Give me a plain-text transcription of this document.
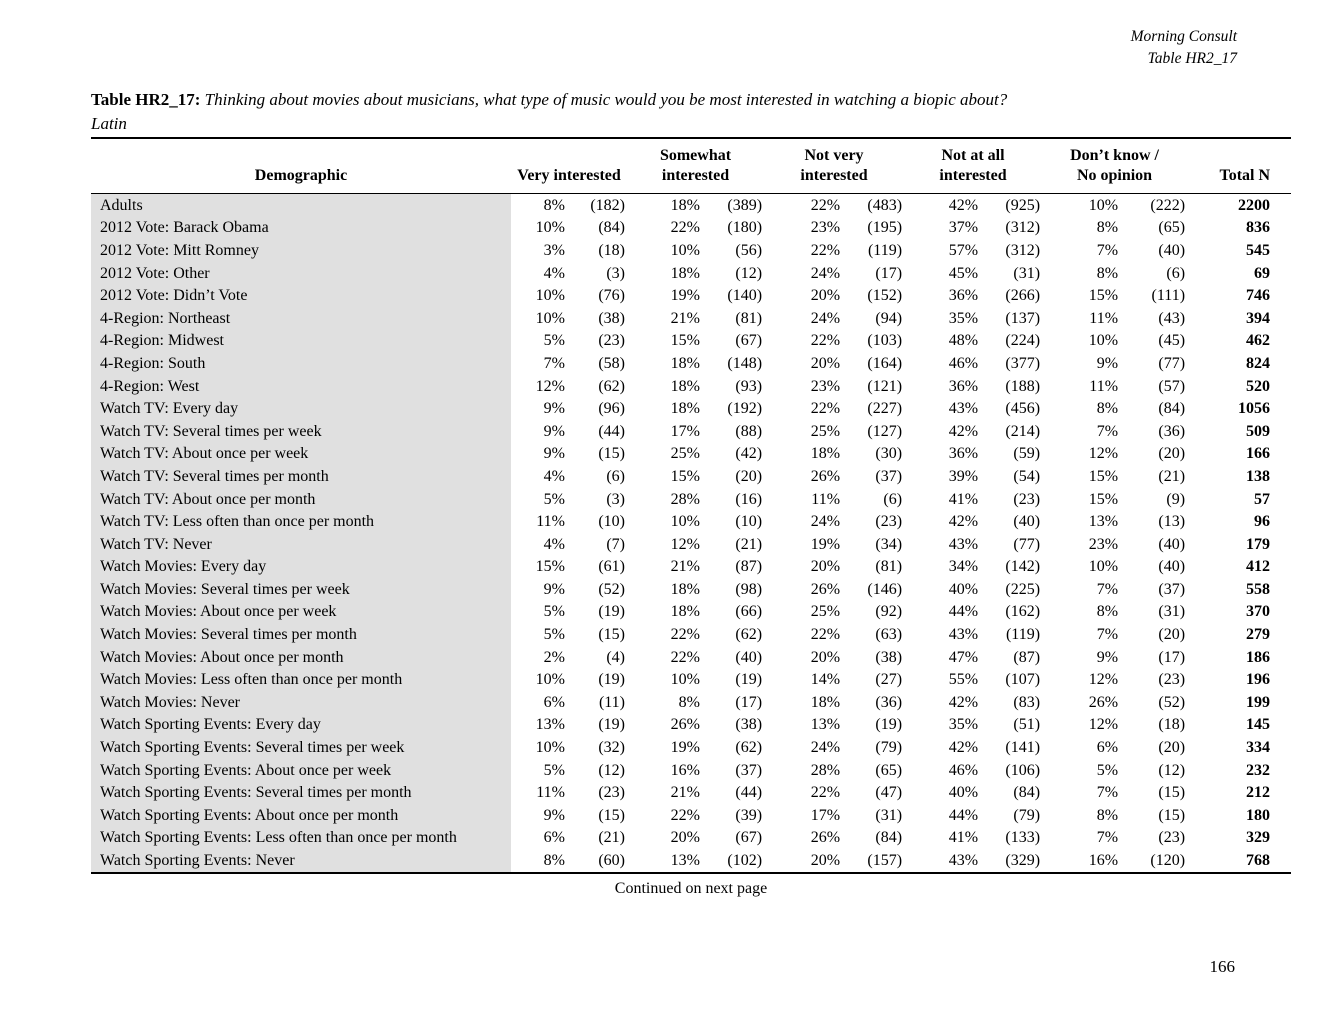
Morning Consult
Table HR2_17
Table HR2_17: Thinking about movies about musicians, what type of music would you be most interested in watching a biopic about?
Latin
Demographic	Very interested		Somewhat
interested		Not very
interested		Not at all
interested		Don’t know /
No opinion		Total N
Adults	8%	(182)	18%	(389)	22%	(483)	42%	(925)	10%	(222)	2200
2012 Vote: Barack Obama	10%	(84)	22%	(180)	23%	(195)	37%	(312)	8%	(65)	836
2012 Vote: Mitt Romney	3%	(18)	10%	(56)	22%	(119)	57%	(312)	7%	(40)	545
2012 Vote: Other	4%	(3)	18%	(12)	24%	(17)	45%	(31)	8%	(6)	69
2012 Vote: Didn’t Vote	10%	(76)	19%	(140)	20%	(152)	36%	(266)	15%	(111)	746
4-Region: Northeast	10%	(38)	21%	(81)	24%	(94)	35%	(137)	11%	(43)	394
4-Region: Midwest	5%	(23)	15%	(67)	22%	(103)	48%	(224)	10%	(45)	462
4-Region: South	7%	(58)	18%	(148)	20%	(164)	46%	(377)	9%	(77)	824
4-Region: West	12%	(62)	18%	(93)	23%	(121)	36%	(188)	11%	(57)	520
Watch TV: Every day	9%	(96)	18%	(192)	22%	(227)	43%	(456)	8%	(84)	1056
Watch TV: Several times per week	9%	(44)	17%	(88)	25%	(127)	42%	(214)	7%	(36)	509
Watch TV: About once per week	9%	(15)	25%	(42)	18%	(30)	36%	(59)	12%	(20)	166
Watch TV: Several times per month	4%	(6)	15%	(20)	26%	(37)	39%	(54)	15%	(21)	138
Watch TV: About once per month	5%	(3)	28%	(16)	11%	(6)	41%	(23)	15%	(9)	57
Watch TV: Less often than once per month	11%	(10)	10%	(10)	24%	(23)	42%	(40)	13%	(13)	96
Watch TV: Never	4%	(7)	12%	(21)	19%	(34)	43%	(77)	23%	(40)	179
Watch Movies: Every day	15%	(61)	21%	(87)	20%	(81)	34%	(142)	10%	(40)	412
Watch Movies: Several times per week	9%	(52)	18%	(98)	26%	(146)	40%	(225)	7%	(37)	558
Watch Movies: About once per week	5%	(19)	18%	(66)	25%	(92)	44%	(162)	8%	(31)	370
Watch Movies: Several times per month	5%	(15)	22%	(62)	22%	(63)	43%	(119)	7%	(20)	279
Watch Movies: About once per month	2%	(4)	22%	(40)	20%	(38)	47%	(87)	9%	(17)	186
Watch Movies: Less often than once per month	10%	(19)	10%	(19)	14%	(27)	55%	(107)	12%	(23)	196
Watch Movies: Never	6%	(11)	8%	(17)	18%	(36)	42%	(83)	26%	(52)	199
Watch Sporting Events: Every day	13%	(19)	26%	(38)	13%	(19)	35%	(51)	12%	(18)	145
Watch Sporting Events: Several times per week	10%	(32)	19%	(62)	24%	(79)	42%	(141)	6%	(20)	334
Watch Sporting Events: About once per week	5%	(12)	16%	(37)	28%	(65)	46%	(106)	5%	(12)	232
Watch Sporting Events: Several times per month	11%	(23)	21%	(44)	22%	(47)	40%	(84)	7%	(15)	212
Watch Sporting Events: About once per month	9%	(15)	22%	(39)	17%	(31)	44%	(79)	8%	(15)	180
Watch Sporting Events: Less often than once per month	6%	(21)	20%	(67)	26%	(84)	41%	(133)	7%	(23)	329
Watch Sporting Events: Never	8%	(60)	13%	(102)	20%	(157)	43%	(329)	16%	(120)	768
Continued on next page
166
